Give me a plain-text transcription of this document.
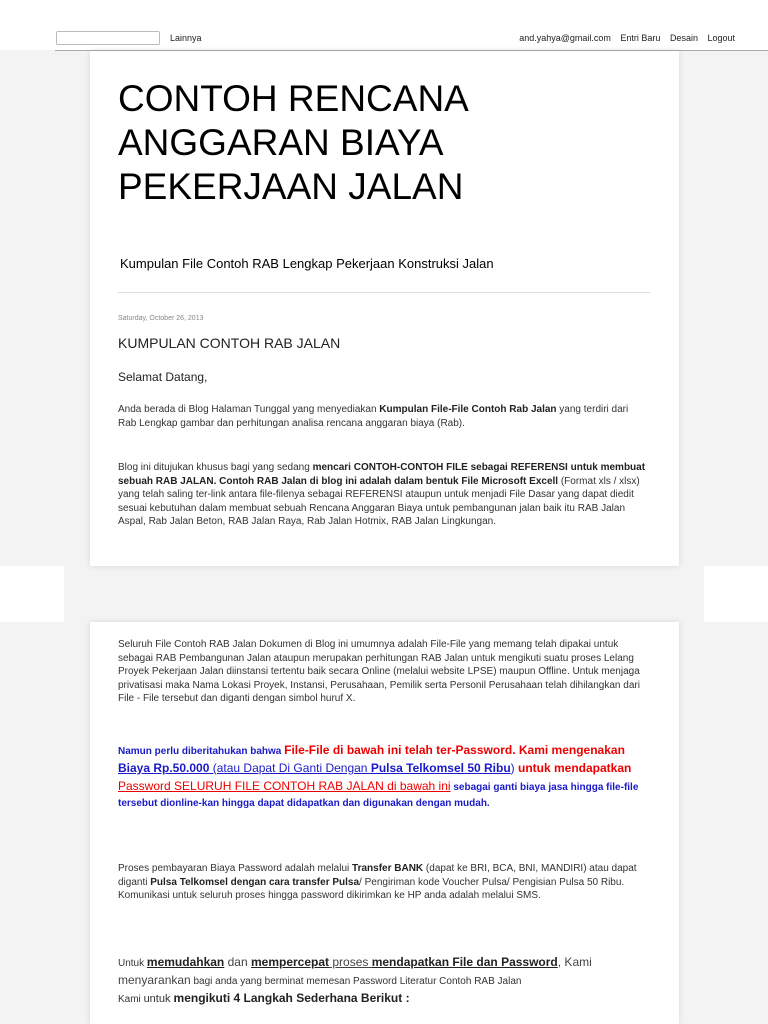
Lainnya	and.yahya@gmail.com Entri Baru Desain Logout
CONTOH RENCANA ANGGARAN BIAYA PEKERJAAN JALAN
Kumpulan File Contoh RAB Lengkap Pekerjaan Konstruksi Jalan
Saturday, October 26, 2013
KUMPULAN CONTOH RAB JALAN
Selamat Datang,
Anda berada di Blog Halaman Tunggal yang menyediakan Kumpulan File-File Contoh Rab Jalan yang terdiri dari Rab Lengkap gambar dan perhitungan analisa rencana anggaran biaya (Rab).
Blog ini ditujukan khusus bagi yang sedang mencari CONTOH-CONTOH FILE sebagai REFERENSI untuk membuat sebuah RAB JALAN. Contoh RAB Jalan di blog ini adalah dalam bentuk File Microsoft Excell (Format xls / xlsx) yang telah saling ter-link antara file-filenya sebagai REFERENSI ataupun untuk menjadi File Dasar yang dapat diedit sesuai kebutuhan dalam membuat sebuah Rencana Anggaran Biaya untuk pembangunan jalan baik itu RAB Jalan Aspal, Rab Jalan Beton, RAB Jalan Raya, Rab Jalan Hotmix, RAB Jalan Lingkungan.
Seluruh File Contoh RAB Jalan Dokumen di Blog ini umumnya adalah File-File yang memang telah dipakai untuk sebagai RAB Pembangunan Jalan ataupun merupakan perhitungan RAB Jalan untuk mengikuti suatu proses Lelang Proyek Pekerjaan Jalan diinstansi tertentu baik secara Online (melalui website LPSE) maupun Offline. Untuk menjaga privatisasi maka Nama Lokasi Proyek, Instansi, Perusahaan, Pemilik serta Personil Perusahaan telah dihilangkan dari File - File tersebut dan diganti dengan simbol huruf X.
Namun perlu diberitahukan bahwa File-File di bawah ini telah ter-Password. Kami mengenakan Biaya Rp.50.000 (atau Dapat Di Ganti Dengan Pulsa Telkomsel 50 Ribu) untuk mendapatkan Password SELURUH FILE CONTOH RAB JALAN di bawah ini sebagai ganti biaya jasa hingga file-file tersebut dionline-kan hingga dapat didapatkan dan digunakan dengan mudah.
Proses pembayaran Biaya Password adalah melalui Transfer BANK (dapat ke BRI, BCA, BNI, MANDIRI) atau dapat diganti Pulsa Telkomsel dengan cara transfer Pulsa/ Pengiriman kode Voucher Pulsa/ Pengisian Pulsa 50 Ribu.
Komunikasi untuk seluruh proses hingga password dikirimkan ke HP anda adalah melalui SMS.
Untuk memudahkan dan mempercepat proses mendapatkan File dan Password, Kami menyarankan bagi anda yang berminat memesan Password Literatur Contoh RAB Jalan
Kami untuk mengikuti 4 Langkah Sederhana Berikut :
